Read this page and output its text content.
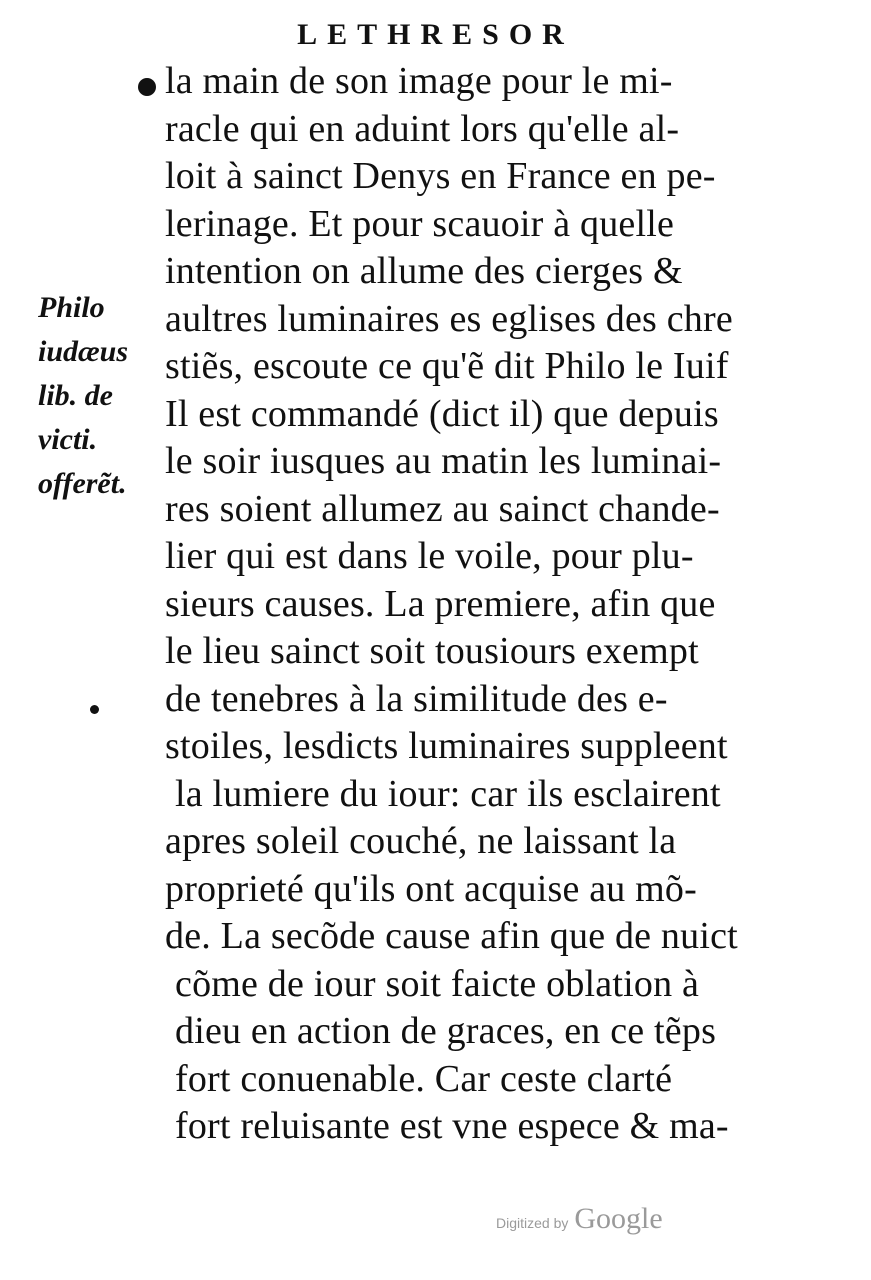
LETHRESOR
Philo
iudæus
lib. de
victi.
offerẽt.
la main de son image pour le mi-
racle qui en aduint lors qu'elle al-
loit à sainct Denys en France en pe-
lerinage. Et pour scauoir à quelle
intention on allume des cierges &
aultres luminaires es eglises des chre
stiẽs, escoute ce qu'ẽ dit Philo le Iuif
Il est commandé (dict il) que depuis
le soir iusques au matin les luminai-
res soient allumez au sainct chande-
lier qui est dans le voile, pour plu-
sieurs causes. La premiere, afin que
le lieu sainct soit tousiours exempt
de tenebres à la similitude des e-
stoiles, lesdicts luminaires suppleent
la lumiere du iour: car ils esclairent
apres soleil couché, ne laissant la
proprieté qu'ils ont acquise au mõ-
de. La secõde cause afin que de nuict
cõme de iour soit faicte oblation à
dieu en action de graces, en ce tẽps
fort conuenable. Car ceste clarté
fort reluisante est vne espece & ma-
Digitized by Google
